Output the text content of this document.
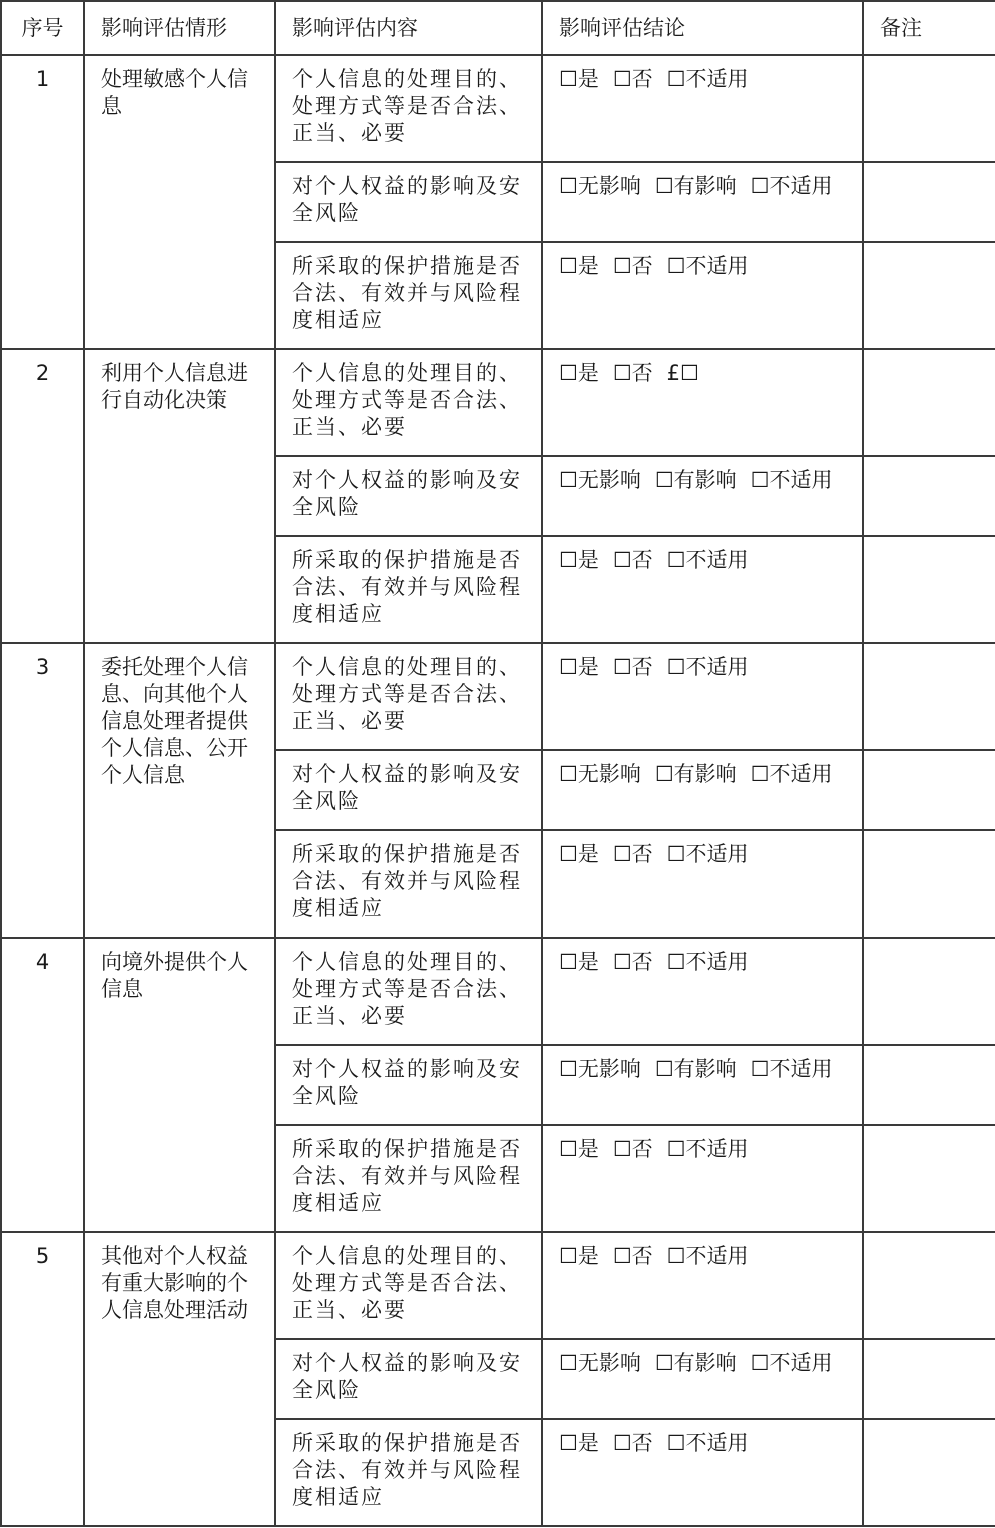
序号	影响评估情形	影响评估内容	影响评估结论	备注
1	处理敏感个人信息	个人信息的处理目的、处理方式等是否合法、正当、必要	☐是 ☐否 ☐不适用	
		对个人权益的影响及安全风险	☐无影响 ☐有影响 ☐不适用	
		所采取的保护措施是否合法、有效并与风险程度相适应	☐是 ☐否 ☐不适用	
2	利用个人信息进行自动化决策	个人信息的处理目的、处理方式等是否合法、正当、必要	☐是 ☐否 £☐	
		对个人权益的影响及安全风险	☐无影响 ☐有影响 ☐不适用	
		所采取的保护措施是否合法、有效并与风险程度相适应	☐是 ☐否 ☐不适用	
3	委托处理个人信息、向其他个人信息处理者提供个人信息、公开个人信息	个人信息的处理目的、处理方式等是否合法、正当、必要	☐是 ☐否 ☐不适用	
		对个人权益的影响及安全风险	☐无影响 ☐有影响 ☐不适用	
		所采取的保护措施是否合法、有效并与风险程度相适应	☐是 ☐否 ☐不适用	
4	向境外提供个人信息	个人信息的处理目的、处理方式等是否合法、正当、必要	☐是 ☐否 ☐不适用	
		对个人权益的影响及安全风险	☐无影响 ☐有影响 ☐不适用	
		所采取的保护措施是否合法、有效并与风险程度相适应	☐是 ☐否 ☐不适用	
5	其他对个人权益有重大影响的个人信息处理活动	个人信息的处理目的、处理方式等是否合法、正当、必要	☐是 ☐否 ☐不适用	
		对个人权益的影响及安全风险	☐无影响 ☐有影响 ☐不适用	
		所采取的保护措施是否合法、有效并与风险程度相适应	☐是 ☐否 ☐不适用	
